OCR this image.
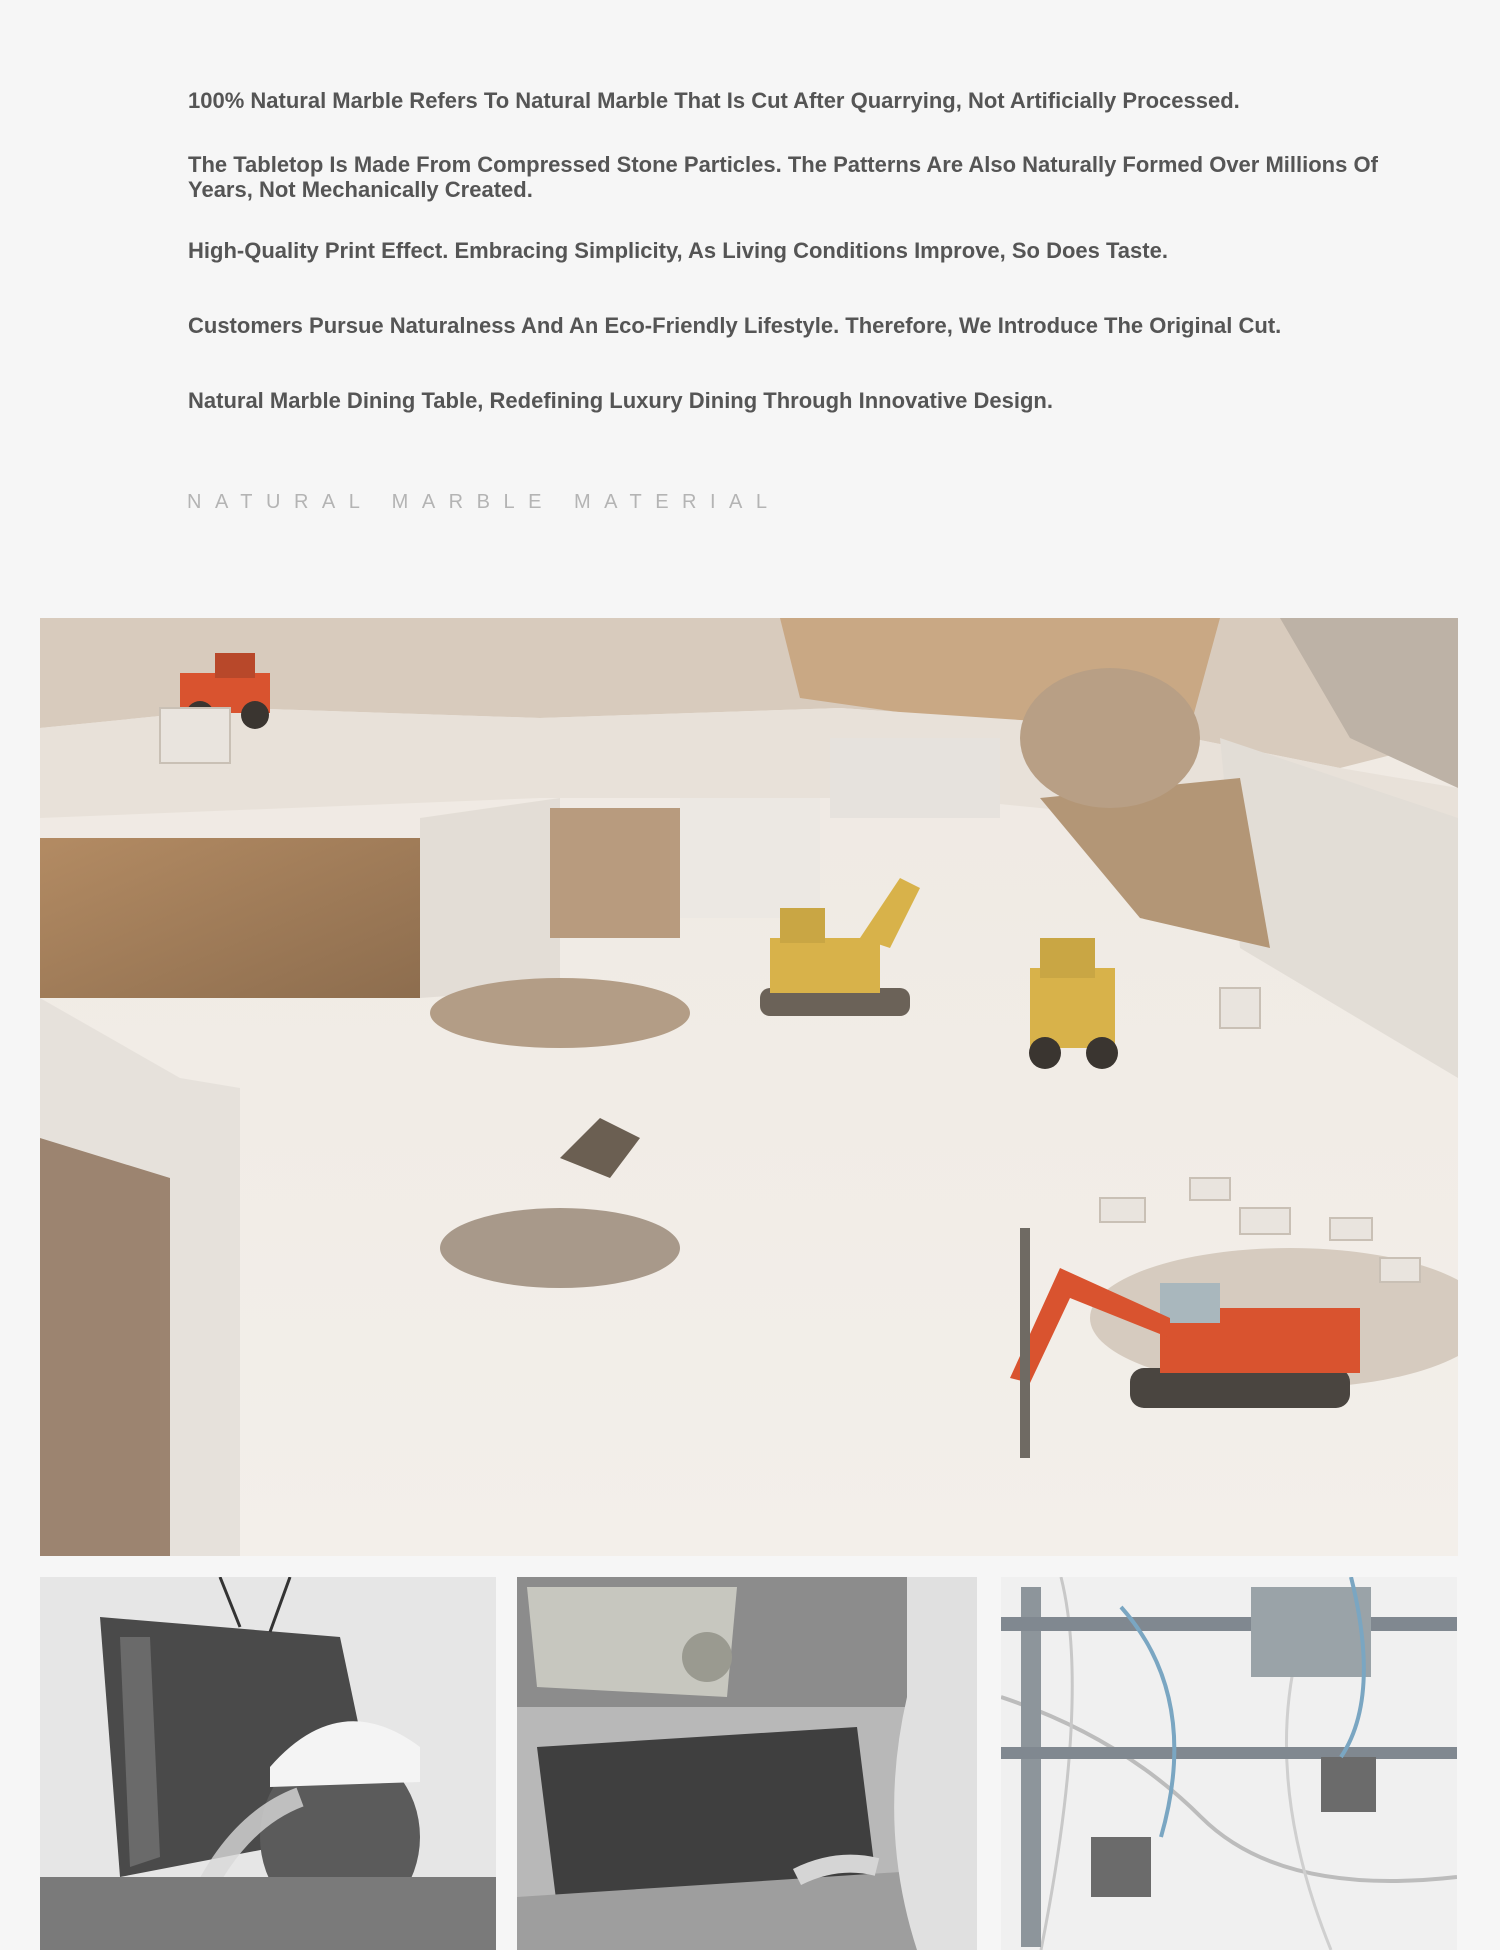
100% Natural Marble Refers To Natural Marble That Is Cut After Quarrying, Not Artificially Processed.

The Tabletop Is Made From Compressed Stone Particles. The Patterns Are Also Naturally Formed Over Millions Of Years, Not Mechanically Created.

High-Quality Print Effect. Embracing Simplicity, As Living Conditions Improve, So Does Taste.

Customers Pursue Naturalness And An Eco-Friendly Lifestyle. Therefore, We Introduce The Original Cut.

Natural Marble Dining Table, Redefining Luxury Dining Through Innovative Design.

NATURAL MARBLE MATERIAL
